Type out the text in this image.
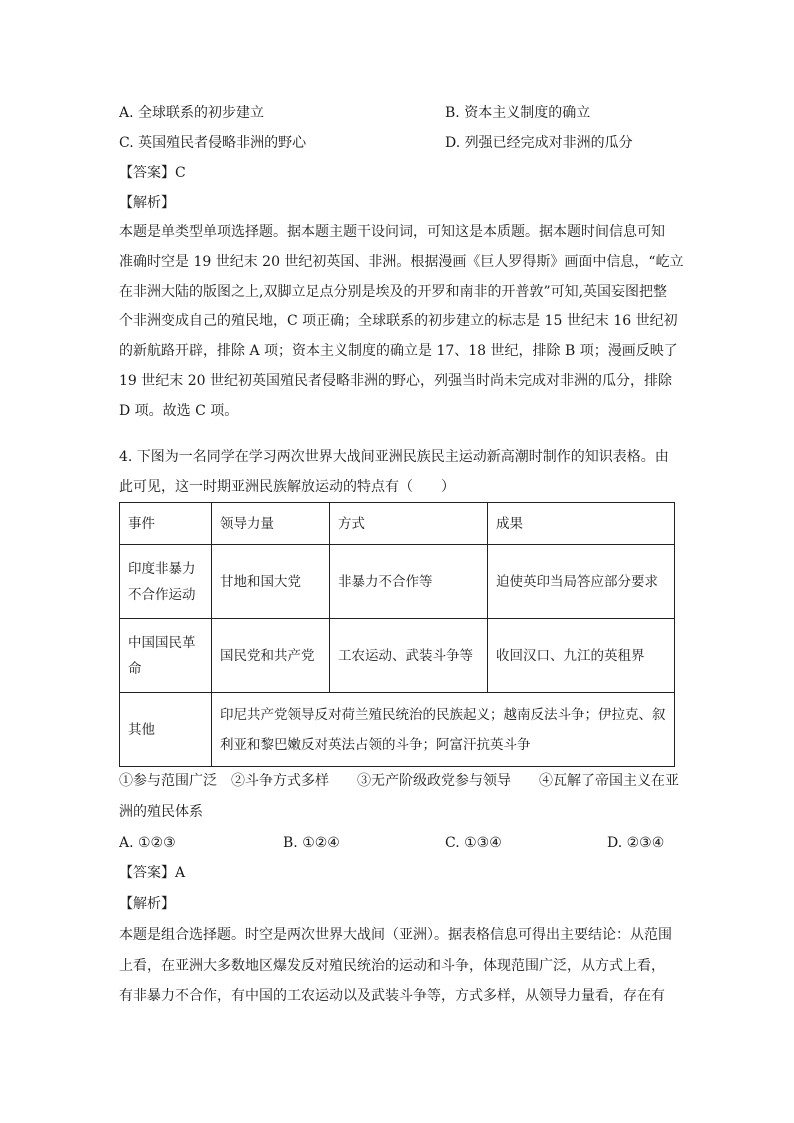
A. 全球联系的初步建立	B. 资本主义制度的确立
C. 英国殖民者侵略非洲的野心	D. 列强已经完成对非洲的瓜分
【答案】C
【解析】
本题是单类型单项选择题。据本题主题干设问词，可知这是本质题。据本题时间信息可知
准确时空是 19 世纪末 20 世纪初英国、非洲。根据漫画《巨人罗得斯》画面中信息，“屹立
在非洲大陆的版图之上,双脚立足点分别是埃及的开罗和南非的开普敦”可知,英国妄图把整
个非洲变成自己的殖民地，C 项正确；全球联系的初步建立的标志是 15 世纪末 16 世纪初
的新航路开辟，排除 A 项；资本主义制度的确立是 17、18 世纪，排除 B 项；漫画反映了
19 世纪末 20 世纪初英国殖民者侵略非洲的野心，列强当时尚未完成对非洲的瓜分，排除
D 项。故选 C 项。
4. 下图为一名同学在学习两次世界大战间亚洲民族民主运动新高潮时制作的知识表格。由
此可见，这一时期亚洲民族解放运动的特点有（　　）
事件	领导力量	方式	成果
印度非暴力不合作运动	甘地和国大党	非暴力不合作等	迫使英印当局答应部分要求
中国国民革命	国民党和共产党	工农运动、武装斗争等	收回汉口、九江的英租界
其他	印尼共产党领导反对荷兰殖民统治的民族起义；越南反法斗争；伊拉克、叙利亚和黎巴嫩反对英法占领的斗争；阿富汗抗英斗争		
①参与范围广泛　②斗争方式多样　　③无产阶级政党参与领导　　④瓦解了帝国主义在亚
洲的殖民体系
A. ①②③	B. ①②④	C. ①③④	D. ②③④
【答案】A
【解析】
本题是组合选择题。时空是两次世界大战间（亚洲）。据表格信息可得出主要结论：从范围
上看，在亚洲大多数地区爆发反对殖民统治的运动和斗争，体现范围广泛，从方式上看，
有非暴力不合作，有中国的工农运动以及武装斗争等，方式多样，从领导力量看，存在有
